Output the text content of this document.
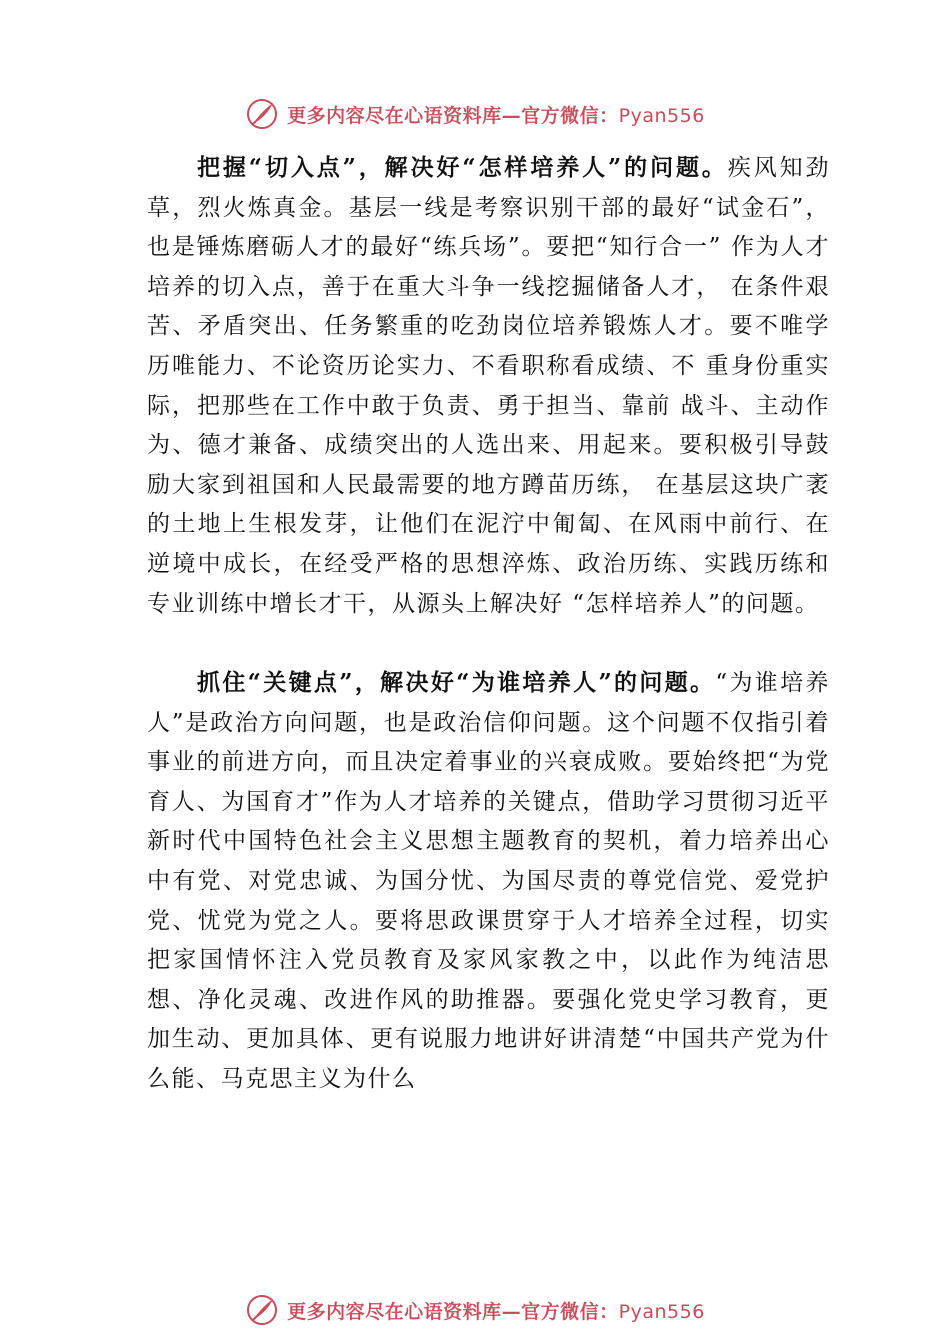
更多内容尽在心语资料库—官方微信：Pyan556

把握“切入点”，解决好“怎样培养人”的问题。疾风知劲草，烈火炼真金。基层一线是考察识别干部的最好“试金石”，也是锤炼磨砺人才的最好“练兵场”。要把“知行合一” 作为人才培养的切入点，善于在重大斗争一线挖掘储备人才， 在条件艰苦、矛盾突出、任务繁重的吃劲岗位培养锻炼人才。要不唯学历唯能力、不论资历论实力、不看职称看成绩、不 重身份重实际，把那些在工作中敢于负责、勇于担当、靠前 战斗、主动作为、德才兼备、成绩突出的人选出来、用起来。要积极引导鼓励大家到祖国和人民最需要的地方蹲苗历练， 在基层这块广袤的土地上生根发芽，让他们在泥泞中匍匐、在风雨中前行、在逆境中成长，在经受严格的思想淬炼、政治历练、实践历练和专业训练中增长才干，从源头上解决好 “怎样培养人”的问题。

抓住“关键点”，解决好“为谁培养人”的问题。“为谁培养人”是政治方向问题，也是政治信仰问题。这个问题不仅指引着事业的前进方向，而且决定着事业的兴衰成败。要始终把“为党育人、为国育才”作为人才培养的关键点，借助学习贯彻习近平新时代中国特色社会主义思想主题教育的契机，着力培养出心中有党、对党忠诚、为国分忧、为国尽责的尊党信党、爱党护党、忧党为党之人。要将思政课贯穿于人才培养全过程，切实把家国情怀注入党员教育及家风家教之中，以此作为纯洁思想、净化灵魂、改进作风的助推器。要强化党史学习教育，更加生动、更加具体、更有说服力地讲好讲清楚“中国共产党为什么能、马克思主义为什么

更多内容尽在心语资料库—官方微信：Pyan556
